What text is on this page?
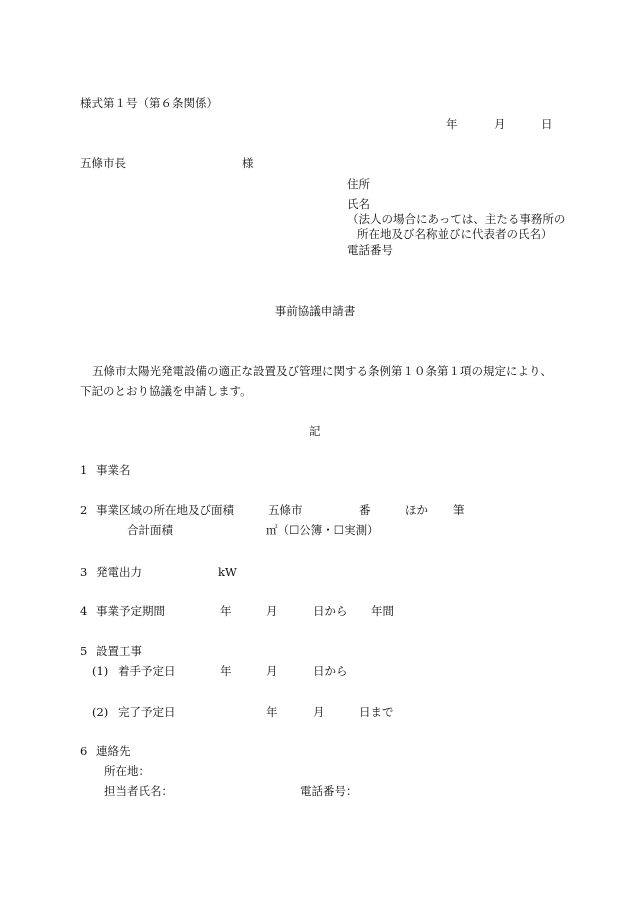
様式第１号（第６条関係）

年	月	日
五條市長	様
住所
氏名
（法人の場合にあっては、主たる事務所の
所在地及び名称並びに代表者の氏名）
電話番号
事前協議申請書

五條市太陽光発電設備の適正な設置及び管理に関する条例第１０条第１項の規定により、

下記のとおり協議を申請します。

記
1 事業名
2 事業区域の所在地及び面積	五條市	番	ほか 筆
合計面積	㎡（☐公簿・☐実測）
3 発電出力	kW
4 事業予定期間	年	月	日から 年間
5 設置工事
(1) 着手予定日	年	月	日から
(2) 完了予定日	年	月	日まで
6 連絡先
所在地：
担当者氏名：	電話番号：
